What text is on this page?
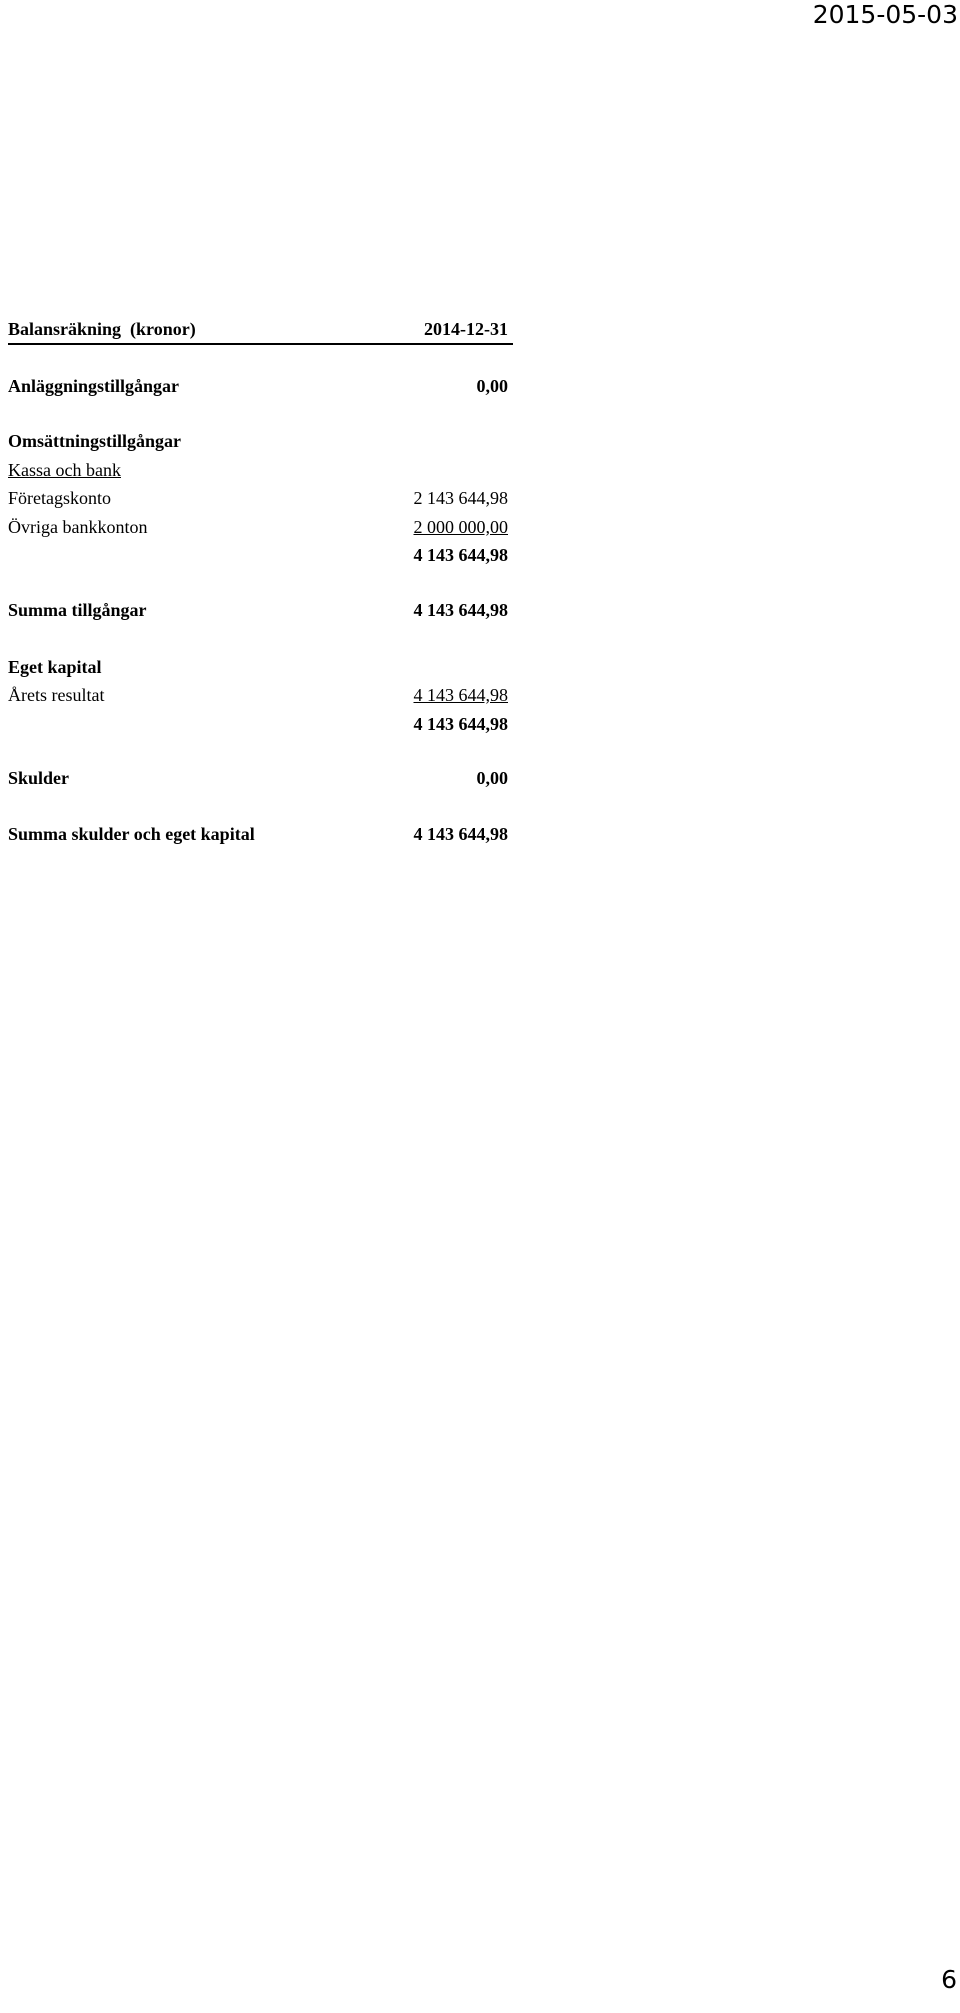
2015-05-03
Balansräkning (kronor)	2014-12-31
Anläggningstillgångar	0,00
Omsättningstillgångar
Kassa och bank
Företagskonto	2 143 644,98
Övriga bankkonton	2 000 000,00
4 143 644,98
Summa tillgångar	4 143 644,98
Eget kapital
Årets resultat	4 143 644,98
4 143 644,98
Skulder	0,00
Summa skulder och eget kapital	4 143 644,98
6
